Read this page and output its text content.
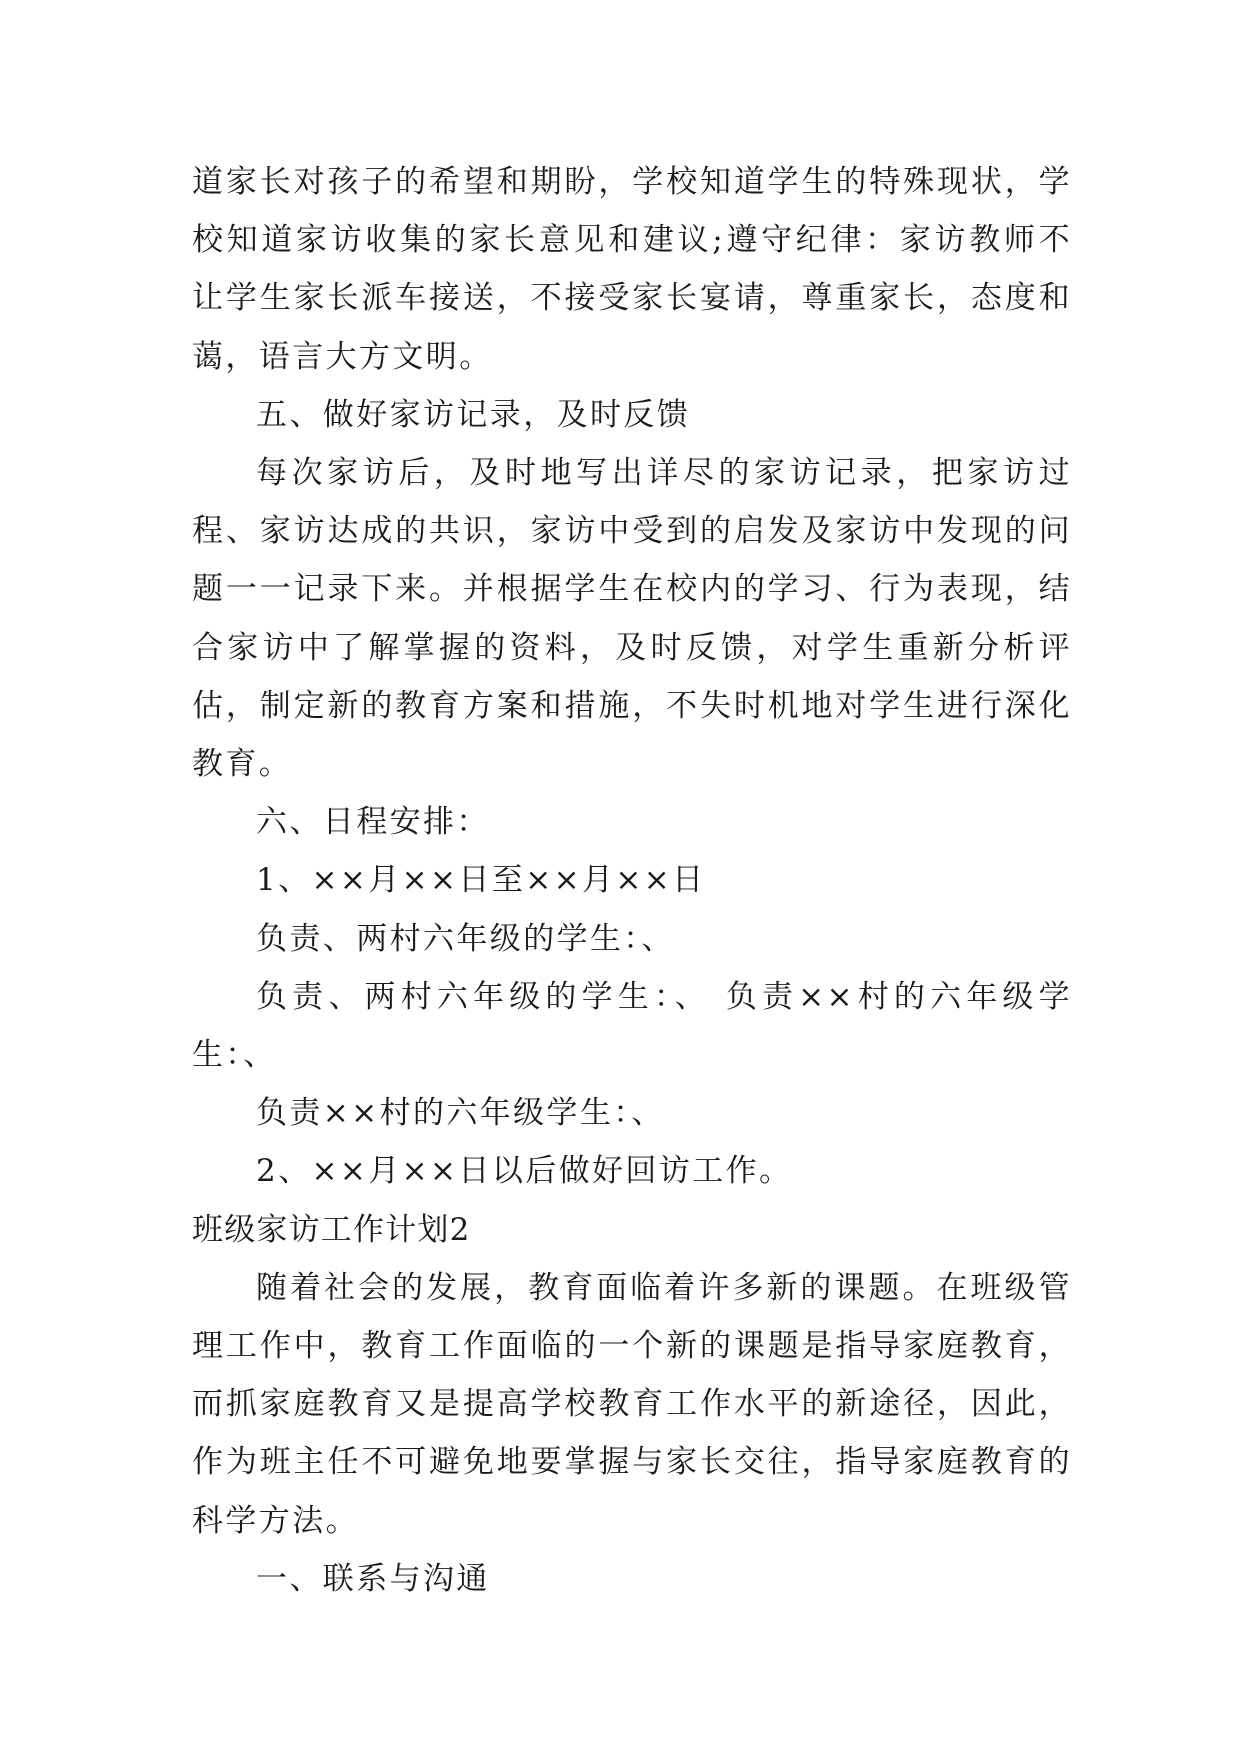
道家长对孩子的希望和期盼，学校知道学生的特殊现状，学校知道家访收集的家长意见和建议;遵守纪律：家访教师不让学生家长派车接送，不接受家长宴请，尊重家长，态度和蔼，语言大方文明。

五、做好家访记录，及时反馈

每次家访后，及时地写出详尽的家访记录，把家访过程、家访达成的共识，家访中受到的启发及家访中发现的问题一一记录下来。并根据学生在校内的学习、行为表现，结合家访中了解掌握的资料，及时反馈，对学生重新分析评估，制定新的教育方案和措施，不失时机地对学生进行深化教育。

六、日程安排：

1、××月××日至××月××日

负责、两村六年级的学生：、

负责、两村六年级的学生：、 负责××村的六年级学生：、

负责××村的六年级学生：、

2、××月××日以后做好回访工作。

班级家访工作计划2

随着社会的发展，教育面临着许多新的课题。在班级管理工作中，教育工作面临的一个新的课题是指导家庭教育，而抓家庭教育又是提高学校教育工作水平的新途径，因此，作为班主任不可避免地要掌握与家长交往，指导家庭教育的科学方法。

一、联系与沟通
